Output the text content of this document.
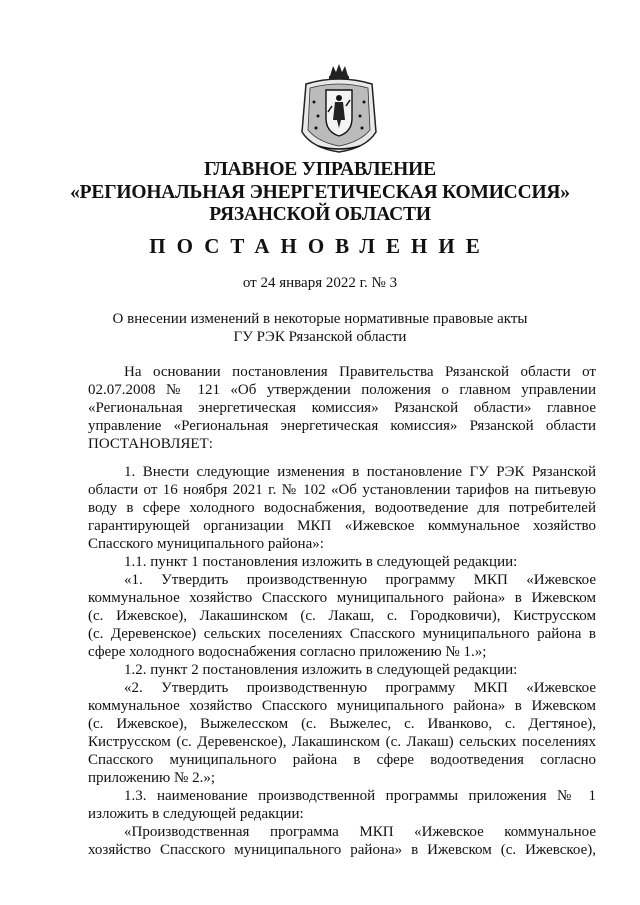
ГЛАВНОЕ УПРАВЛЕНИЕ
«РЕГИОНАЛЬНАЯ ЭНЕРГЕТИЧЕСКАЯ КОМИССИЯ»
РЯЗАНСКОЙ ОБЛАСТИ
ПОСТАНОВЛЕНИЕ
от 24 января 2022 г. № 3
О внесении изменений в некоторые нормативные правовые акты
ГУ РЭК Рязанской области
На основании постановления Правительства Рязанской области от
02.07.2008 № 121 «Об утверждении положения о главном управлении
«Региональная энергетическая комиссия» Рязанской области» главное
управление «Региональная энергетическая комиссия» Рязанской области
ПОСТАНОВЛЯЕТ:
1. Внести следующие изменения в постановление ГУ РЭК Рязанской
области от 16 ноября 2021 г. № 102 «Об установлении тарифов на питьевую
воду в сфере холодного водоснабжения, водоотведение для потребителей
гарантирующей организации МКП «Ижевское коммунальное хозяйство
Спасского муниципального района»:
1.1. пункт 1 постановления изложить в следующей редакции:
«1. Утвердить производственную программу МКП «Ижевское
коммунальное хозяйство Спасского муниципального района» в Ижевском
(с. Ижевское), Лакашинском (с. Лакаш, с. Городковичи), Киструсском
(с. Деревенское) сельских поселениях Спасского муниципального района в
сфере холодного водоснабжения согласно приложению № 1.»;
1.2. пункт 2 постановления изложить в следующей редакции:
«2. Утвердить производственную программу МКП «Ижевское
коммунальное хозяйство Спасского муниципального района» в Ижевском
(с. Ижевское), Выжелесском (с. Выжелес, с. Иванково, с. Дегтяное),
Киструсском (с. Деревенское), Лакашинском (с. Лакаш) сельских поселениях
Спасского муниципального района в сфере водоотведения согласно
приложению № 2.»;
1.3. наименование производственной программы приложения № 1
изложить в следующей редакции:
«Производственная программа МКП «Ижевское коммунальное
хозяйство Спасского муниципального района» в Ижевском (с. Ижевское),
